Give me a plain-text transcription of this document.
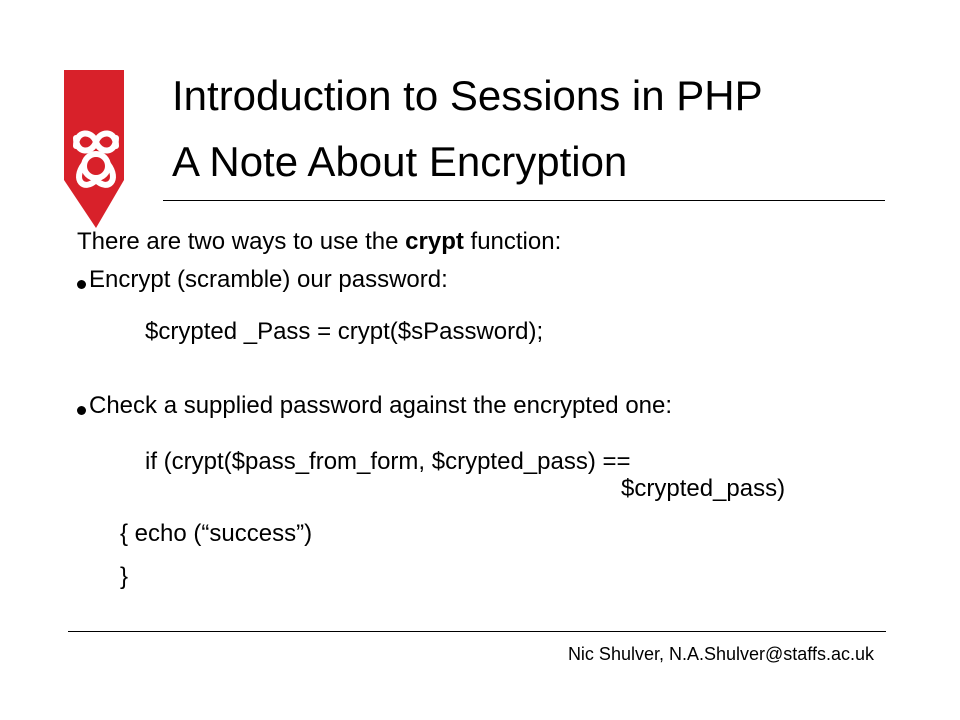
Introduction to Sessions in PHP
A Note About Encryption
There are two ways to use the crypt function:
Encrypt (scramble) our password:
$crypted _Pass = crypt($sPassword);
Check a supplied password against the encrypted one:
if (crypt($pass_from_form, $crypted_pass) ==
$crypted_pass)
{ echo (“success”)
}
Nic Shulver, N.A.Shulver@staffs.ac.uk
